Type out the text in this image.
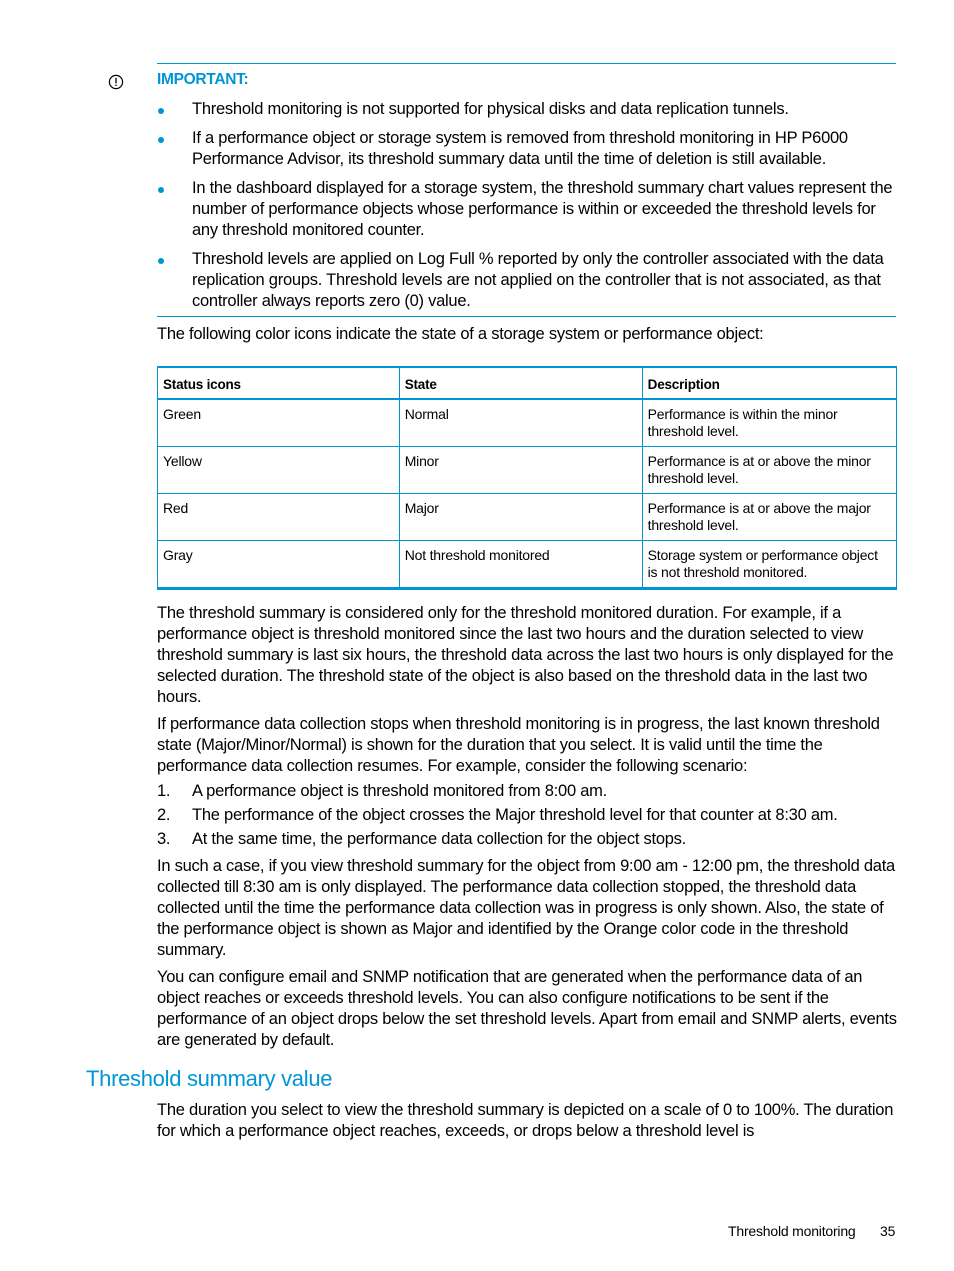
IMPORTANT:
Threshold monitoring is not supported for physical disks and data replication tunnels.
If a performance object or storage system is removed from threshold monitoring in HP P6000 Performance Advisor, its threshold summary data until the time of deletion is still available.
In the dashboard displayed for a storage system, the threshold summary chart values represent the number of performance objects whose performance is within or exceeded the threshold levels for any threshold monitored counter.
Threshold levels are applied on Log Full % reported by only the controller associated with the data replication groups. Threshold levels are not applied on the controller that is not associated, as that controller always reports zero (0) value.

The following color icons indicate the state of a storage system or performance object:

Status icons	State	Description
Green	Normal	Performance is within the minor threshold level.
Yellow	Minor	Performance is at or above the minor threshold level.
Red	Major	Performance is at or above the major threshold level.
Gray	Not threshold monitored	Storage system or performance object is not threshold monitored.

The threshold summary is considered only for the threshold monitored duration. For example, if a performance object is threshold monitored since the last two hours and the duration selected to view threshold summary is last six hours, the threshold data across the last two hours is only displayed for the selected duration. The threshold state of the object is also based on the threshold data in the last two hours.

If performance data collection stops when threshold monitoring is in progress, the last known threshold state (Major/Minor/Normal) is shown for the duration that you select. It is valid until the time the performance data collection resumes. For example, consider the following scenario:

1. A performance object is threshold monitored from 8:00 am.
2. The performance of the object crosses the Major threshold level for that counter at 8:30 am.
3. At the same time, the performance data collection for the object stops.

In such a case, if you view threshold summary for the object from 9:00 am - 12:00 pm, the threshold data collected till 8:30 am is only displayed. The performance data collection stopped, the threshold data collected until the time the performance data collection was in progress is only shown. Also, the state of the performance object is shown as Major and identified by the Orange color code in the threshold summary.

You can configure email and SNMP notification that are generated when the performance data of an object reaches or exceeds threshold levels. You can also configure notifications to be sent if the performance of an object drops below the set threshold levels. Apart from email and SNMP alerts, events are generated by default.

Threshold summary value

The duration you select to view the threshold summary is depicted on a scale of 0 to 100%. The duration for which a performance object reaches, exceeds, or drops below a threshold level is

Threshold monitoring 35
